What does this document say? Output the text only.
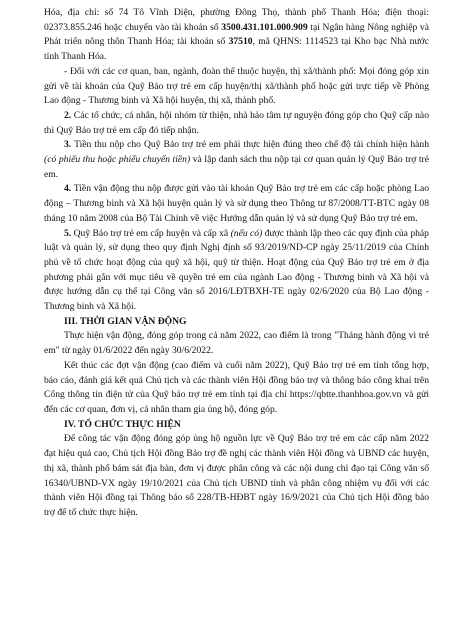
Hóa, địa chỉ: số 74 Tô Vĩnh Diện, phường Đông Thọ, thành phố Thanh Hóa; điện thoại: 02373.855.246 hoặc chuyển vào tài khoản số 3500.431.101.000.909 tại Ngân hàng Nông nghiệp và Phát triển nông thôn Thanh Hóa; tài khoản số 37510, mã QHNS: 1114523 tại Kho bạc Nhà nước tỉnh Thanh Hóa.

- Đối với các cơ quan, ban, ngành, đoàn thể thuộc huyện, thị xã/thành phố: Mọi đóng góp xin gửi về tài khoản của Quỹ Bảo trợ trẻ em cấp huyện/thị xã/thành phố hoặc gửi trực tiếp về Phòng Lao động - Thương binh và Xã hội huyện, thị xã, thành phố.

2. Các tổ chức, cá nhân, hội nhóm từ thiện, nhà hảo tâm tự nguyện đóng góp cho Quỹ cấp nào thì Quỹ Bảo trợ trẻ em cấp đó tiếp nhận.

3. Tiền thu nộp cho Quỹ Bảo trợ trẻ em phải thực hiện đúng theo chế độ tài chính hiện hành (có phiếu thu hoặc phiếu chuyển tiền) và lập danh sách thu nộp tại cơ quan quản lý Quỹ Bảo trợ trẻ em.

4. Tiền vận động thu nộp được gửi vào tài khoản Quỹ Bảo trợ trẻ em các cấp hoặc phòng Lao động – Thương binh và Xã hội huyện quản lý và sử dụng theo Thông tư 87/2008/TT-BTC ngày 08 tháng 10 năm 2008 của Bộ Tài Chính về việc Hướng dẫn quản lý và sử dụng Quỹ Bảo trợ trẻ em.

5. Quỹ Bảo trợ trẻ em cấp huyện và cấp xã (nếu có) được thành lập theo các quy định của pháp luật và quản lý, sử dụng theo quy định Nghị định số 93/2019/ND-CP ngày 25/11/2019 của Chính phủ về tổ chức hoạt động của quỹ xã hội, quỹ từ thiện. Hoạt động của Quỹ Bảo trợ trẻ em ở địa phương phải gắn với mục tiêu về quyền trẻ em của ngành Lao động - Thương binh và Xã hội và được hướng dẫn cụ thể tại Công văn số 2016/LĐTBXH-TE ngày 02/6/2020 của Bộ Lao động - Thương binh và Xã hội.

III. THỜI GIAN VẬN ĐỘNG

Thực hiện vận động, đóng góp trong cả năm 2022, cao điểm là trong "Tháng hành động vì trẻ em" từ ngày 01/6/2022 đến ngày 30/6/2022.

Kết thúc các đợt vận động (cao điểm và cuối năm 2022), Quỹ Bảo trợ trẻ em tỉnh tổng hợp, báo cáo, đánh giá kết quả Chủ tịch và các thành viên Hội đồng bảo trợ và thông báo công khai trên Cổng thông tin điện tử của Quỹ bảo trợ trẻ em tỉnh tại địa chỉ https://qbtte.thanhhoa.gov.vn và gửi đến các cơ quan, đơn vị, cá nhân tham gia ủng hộ, đóng góp.

IV. TỔ CHỨC THỰC HIỆN

Để công tác vận động đóng góp ủng hộ nguồn lực về Quỹ Bảo trợ trẻ em các cấp năm 2022 đạt hiệu quả cao, Chủ tịch Hội đồng Bảo trợ đề nghị các thành viên Hội đồng và UBND các huyện, thị xã, thành phố bám sát địa bàn, đơn vị được phân công và các nội dung chỉ đạo tại Công văn số 16340/UBND-VX ngày 19/10/2021 của Chủ tịch UBND tỉnh và phân công nhiệm vụ đối với các thành viên Hội đồng tại Thông báo số 228/TB-HĐBT ngày 16/9/2021 của Chủ tịch Hội đồng bảo trợ để tổ chức thực hiện.
